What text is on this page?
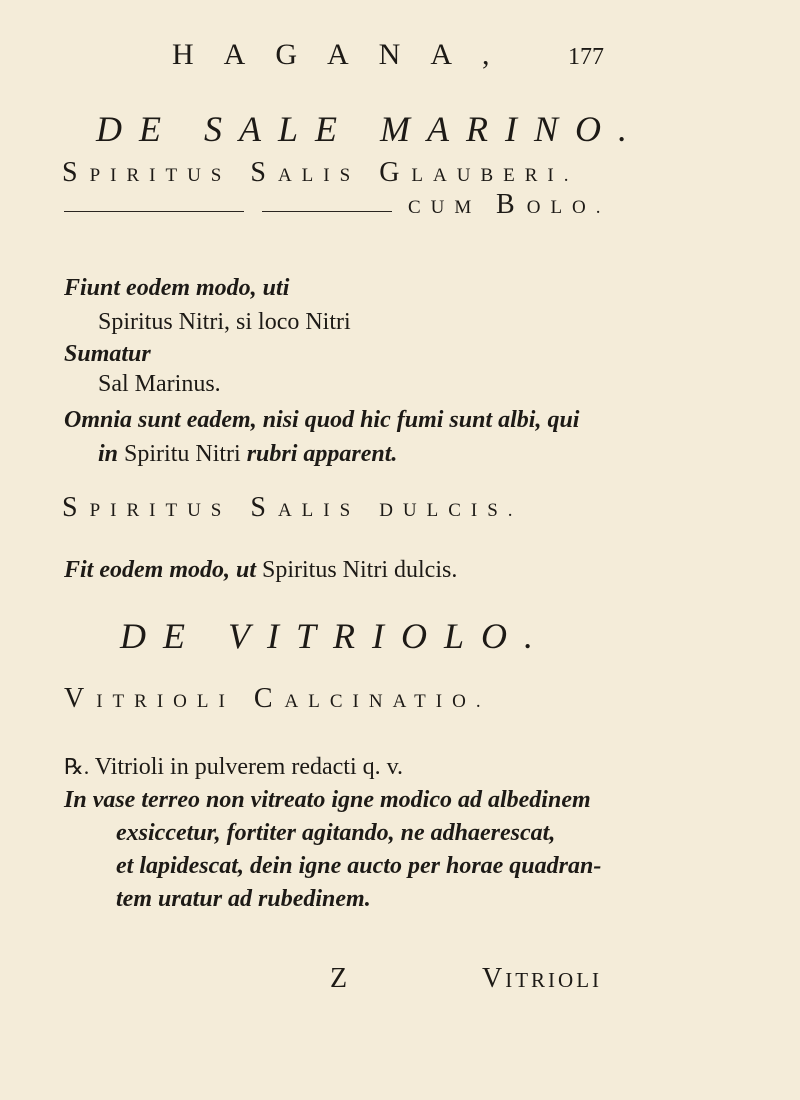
HAGANA, 177
DE SALE MARINO.
SPIRITUS SALIS GLAUBERI.
CUM BOLO.
Fiunt eodem modo, uti
Spiritus Nitri, si loco Nitri
Sumatur
Sal Marinus.
Omnia sunt eadem, nisi quod hic fumi sunt albi, qui
in Spiritu Nitri rubri apparent.
SPIRITUS SALIS DULCIS.
Fit eodem modo, ut Spiritus Nitri dulcis.
DE VITRIOLO.
VITRIOLI CALCINATIO.
℞. Vitrioli in pulverem redacti q. v.
In vase terreo non vitreato igne modico ad albedinem
exsiccetur, fortiter agitando, ne adhaerescat,
et lapidescat, dein igne aucto per horae quadran-
tem uratur ad rubedinem.
Z	VITRIOLI
